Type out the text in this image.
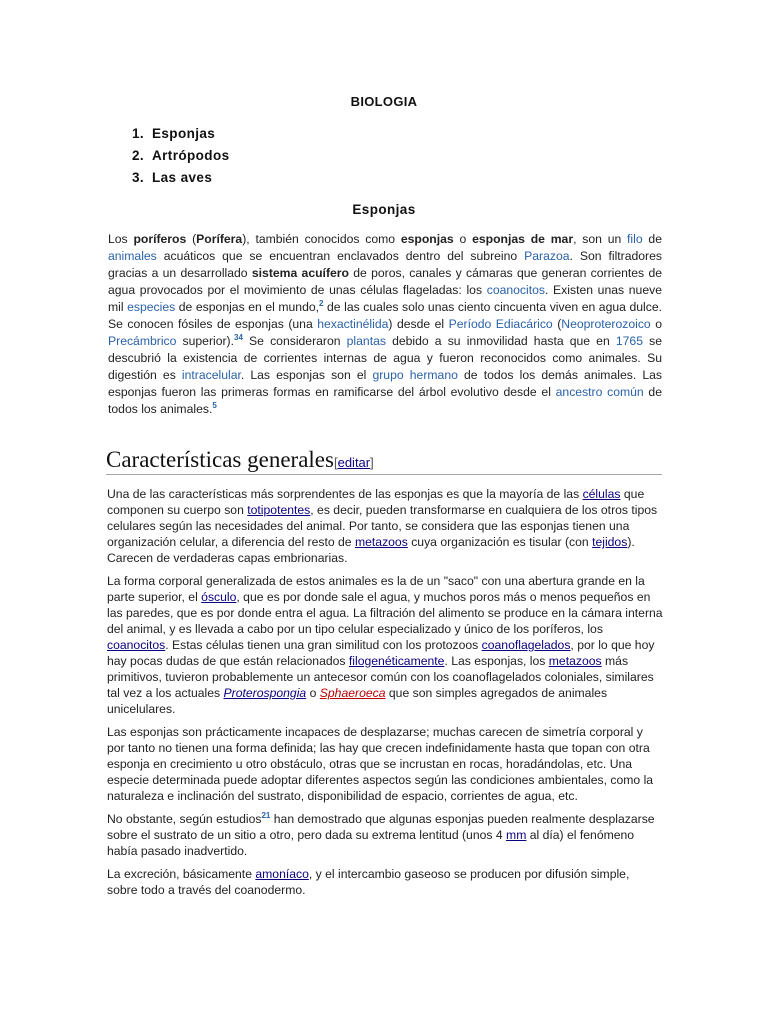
BIOLOGIA
1. Esponjas
2. Artrópodos
3. Las aves
Esponjas

Los poríferos (Porífera), también conocidos como esponjas o esponjas de mar, son un filo de animales acuáticos que se encuentran enclavados dentro del subreino Parazoa. Son filtradores gracias a un desarrollado sistema acuífero de poros, canales y cámaras que generan corrientes de agua provocados por el movimiento de unas células flageladas: los coanocitos. Existen unas nueve mil especies de esponjas en el mundo,$^2$ de las cuales solo unas ciento cincuenta viven en agua dulce. Se conocen fósiles de esponjas (una hexactinélida) desde el Período Ediacárico (Neoproterozoico o Precámbrico superior).$^{34}$ Se consideraron plantas debido a su inmovilidad hasta que en 1765 se descubrió la existencia de corrientes internas de agua y fueron reconocidos como animales. Su digestión es intracelular. Las esponjas son el grupo hermano de todos los demás animales. Las esponjas fueron las primeras formas en ramificarse del árbol evolutivo desde el ancestro común de todos los animales.$^5$

Características generales[editar]

Una de las características más sorprendentes de las esponjas es que la mayoría de las células que componen su cuerpo son totipotentes, es decir, pueden transformarse en cualquiera de los otros tipos celulares según las necesidades del animal. Por tanto, se considera que las esponjas tienen una organización celular, a diferencia del resto de metazoos cuya organización es tisular (con tejidos). Carecen de verdaderas capas embrionarias.

La forma corporal generalizada de estos animales es la de un "saco" con una abertura grande en la parte superior, el ósculo, que es por donde sale el agua, y muchos poros más o menos pequeños en las paredes, que es por donde entra el agua. La filtración del alimento se produce en la cámara interna del animal, y es llevada a cabo por un tipo celular especializado y único de los poríferos, los coanocitos. Estas células tienen una gran similitud con los protozoos coanoflagelados, por lo que hoy hay pocas dudas de que están relacionados filogenéticamente. Las esponjas, los metazoos más primitivos, tuvieron probablemente un antecesor común con los coanoflagelados coloniales, similares tal vez a los actuales Proterospongia o Sphaeroeca que son simples agregados de animales unicelulares.

Las esponjas son prácticamente incapaces de desplazarse; muchas carecen de simetría corporal y por tanto no tienen una forma definida; las hay que crecen indefinidamente hasta que topan con otra esponja en crecimiento u otro obstáculo, otras que se incrustan en rocas, horadándolas, etc. Una especie determinada puede adoptar diferentes aspectos según las condiciones ambientales, como la naturaleza e inclinación del sustrato, disponibilidad de espacio, corrientes de agua, etc.

No obstante, según estudios$^{21}$ han demostrado que algunas esponjas pueden realmente desplazarse sobre el sustrato de un sitio a otro, pero dada su extrema lentitud (unos 4 mm al día) el fenómeno había pasado inadvertido.

La excreción, básicamente amoníaco, y el intercambio gaseoso se producen por difusión simple, sobre todo a través del coanodermo.
